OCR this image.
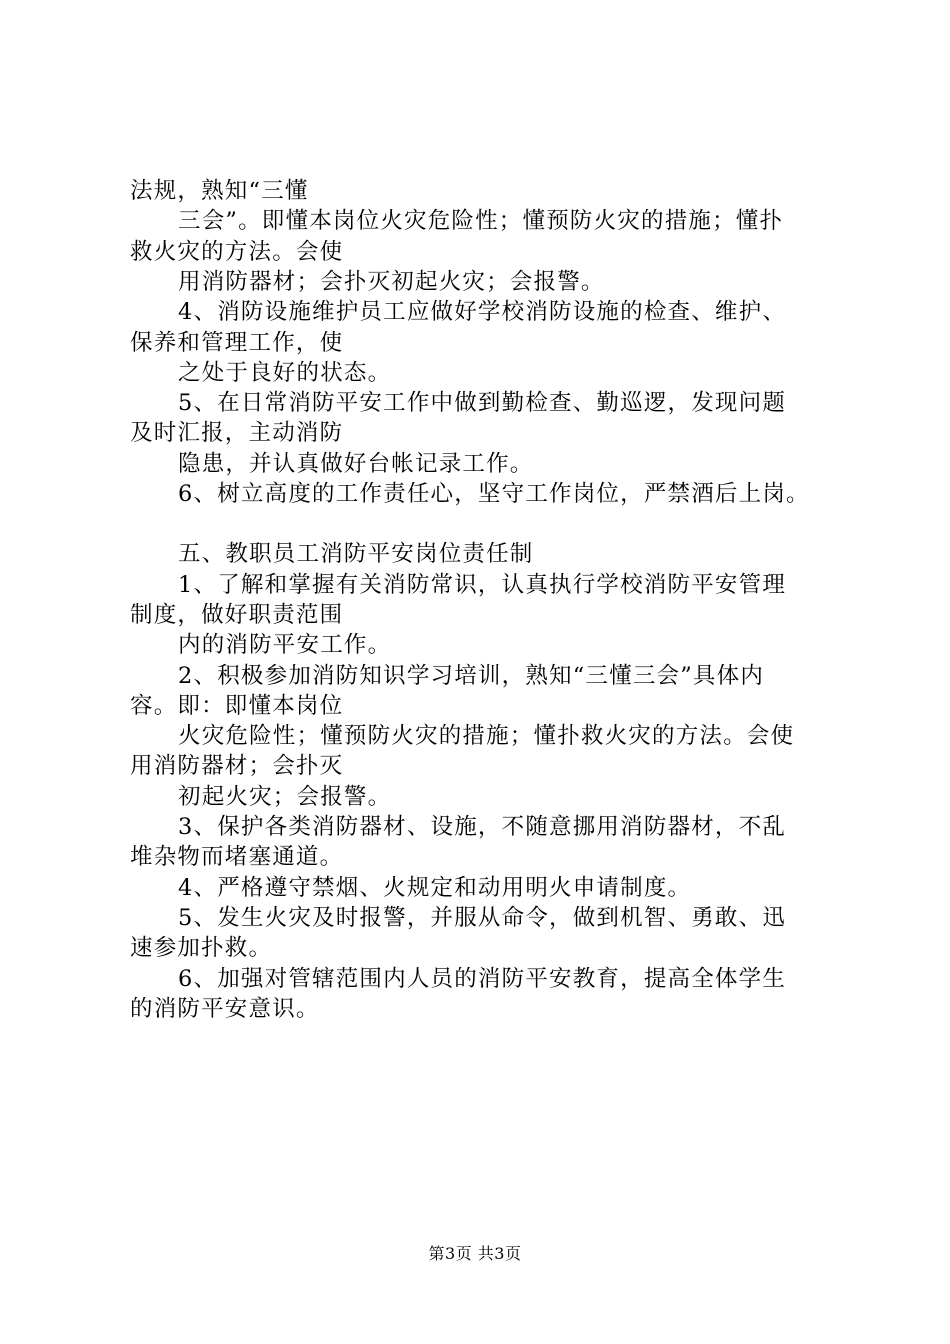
法规，熟知“三懂
三会”。即懂本岗位火灾危险性；懂预防火灾的措施；懂扑
救火灾的方法。会使
用消防器材；会扑灭初起火灾；会报警。
4、消防设施维护员工应做好学校消防设施的检查、维护、
保养和管理工作，使
之处于良好的状态。
5、在日常消防平安工作中做到勤检查、勤巡逻，发现问题
及时汇报，主动消防
隐患，并认真做好台帐记录工作。
6、树立高度的工作责任心，坚守工作岗位，严禁酒后上岗。
五、教职员工消防平安岗位责任制
1、了解和掌握有关消防常识，认真执行学校消防平安管理
制度，做好职责范围
内的消防平安工作。
2、积极参加消防知识学习培训，熟知“三懂三会”具体内
容。即：即懂本岗位
火灾危险性；懂预防火灾的措施；懂扑救火灾的方法。会使
用消防器材；会扑灭
初起火灾；会报警。
3、保护各类消防器材、设施，不随意挪用消防器材，不乱
堆杂物而堵塞通道。
4、严格遵守禁烟、火规定和动用明火申请制度。
5、发生火灾及时报警，并服从命令，做到机智、勇敢、迅
速参加扑救。
6、加强对管辖范围内人员的消防平安教育，提高全体学生
的消防平安意识。
第3页 共3页
